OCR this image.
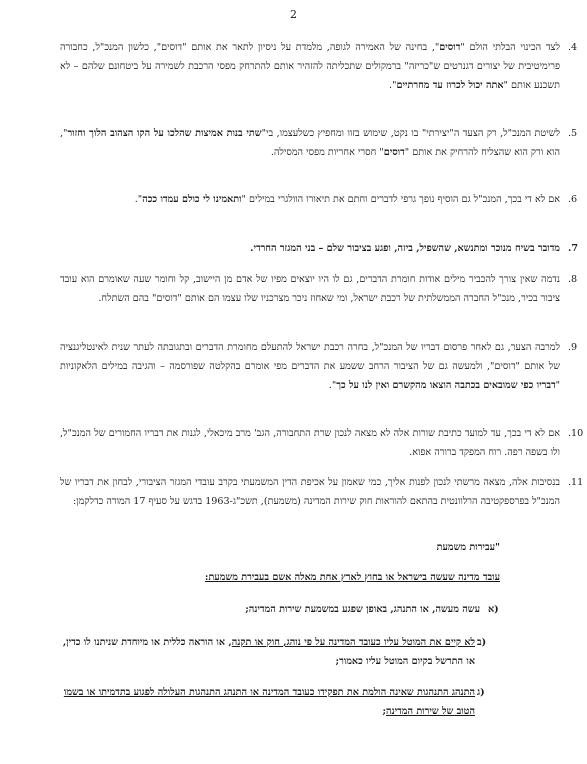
2
.4
לצד הכינוי הבלתי הולם "דוסים", בחינה של האמירה לגופה, מלמדת על ניסיון לתאר את אותם "דוסים", כלשון המנכ"ל, כחבורה פרימיטיבית של יצורים דגנרטים ש"כריזה" ברמקולים שתכליתה להזהיר אותם להתרחק מפסי הרכבת לשמירה על ביטחונם שלהם – לא תשכנע אותם "אתה יכול לכרוז עד מחרתיים".
.5
לשיטת המנכ"ל, רק הצעד ה"יצירתי" בו נקט, שימוש בזוו ומחפיץ כשלעצמו, בי"שתי בנות אמיצות שהלכו על הקו הצהוב הלוך וחזור", הוא ורק הוא שהצליח להרחיק את אותם "דוסים" חסרי אחריות מפסי המסילה.
.6
אם לא די בכך, המנכ"ל גם הוסיף נופך גרפי לדברים וחתם את תיאורו הוולגרי במילים "ותאמינו לי כולם עמדו ככה".
.7
מדובר בשיח מנוכר ומתנשא, שהשפיל, ביזה, ופגע בציבור שלם – בני המגזר החרדי.
.8
נדמה שאין צורך להכביר מילים אודות חומרת הדברים, גם לו היו יוצאים מפיו של אדם מן היישוב, קל וחומר שעה שאומרם הוא עובד ציבור בכיר, מנכ"ל החברה הממשלתית של רכבת ישראל, ומי שאחוז ניכר מצרכניו שלו עצמו הם אותם "דוסים" בהם השתלח.
.9
למרבה הצער, גם לאחר פרסום דבריו של המנכ"ל, בחרה רכבת ישראל להתעלם מחומרת הדברים ובתגובתה לעתר שנית לאינטליגנציה של אותם "דוסים", ולמעשה גם של הציבור הרחב ששמע את הדברים מפי אומרם בהקלטה שפורסמה – והגיבה במילים הלאקוניות "דבריו כפי שמובאים בכתבה הוצאו מהקשרם ואין לנו על כך".
.10
אם לא די בכך, עד למועד כתיבת שורות אלה לא מצאה לנכון שרת התחבורה, הגב' מרב מיכאלי, לגנות את דבריו החמורים של המנכ"ל, ולו בשפה רפה. רוח המפקד ברורה אפוא.
.11
בנסיבות אלה, מצאה מרשתי לנכון לפנות אליך, כמי שאמון על אכיפת הדין המשמעתי בקרב עובדי המגזר הציבורי, לבחון את דבריו של המנכ"ל בפרספקטיבה הרלוונטית בהתאם להוראות חוק שירות המדינה (משמעת), תשכ"ג-1963 בדגש על סעיף 17 המורה כדלקמן:
"עבירות משמעת
עובד מדינה שעשה בישראל או בחוץ לארץ אחת מאלה אשם בעבירת משמעת:
א)
עשה מעשה, או התנהג, באופן שפגע במשמעת שירות המדינה;
ב)
לא קיים את המוטל עליו כעובד המדינה על פי נוהג, חוק או תקנה, או הוראה כללית או מיוחדת שניתנו לו כדין, או התרשל בקיום המוטל עליו כאמור;
ג)
התנהג התנהגות שאינה הולמת את תפקידו כעובד המדינה או התנהג התנהגות העלולה לפגוע בתדמיתו או בשמו הטוב של שירות המדינה;
